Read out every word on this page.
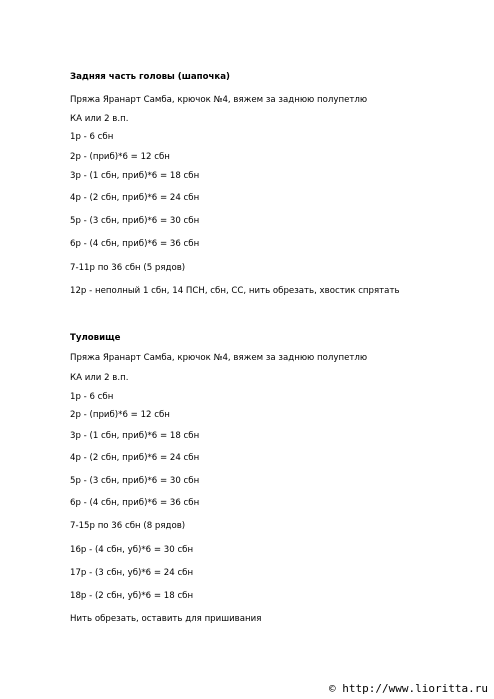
Задняя часть головы (шапочка)
Пряжа Яранарт Самба, крючок №4, вяжем за заднюю полупетлю
КА или 2 в.п.
1р - 6 сбн
2р - (приб)*6 = 12 сбн
3р - (1 сбн, приб)*6 = 18 сбн
4р - (2 сбн, приб)*6 = 24 сбн
5р - (3 сбн, приб)*6 = 30 сбн
6р - (4 сбн, приб)*6 = 36 сбн
7-11р по 36 сбн (5 рядов)
12р - неполный 1 сбн, 14 ПСН, сбн, СС, нить обрезать, хвостик спрятать
Туловище
Пряжа Яранарт Самба, крючок №4, вяжем за заднюю полупетлю
КА или 2 в.п.
1р - 6 сбн
2р - (приб)*6 = 12 сбн
3р - (1 сбн, приб)*6 = 18 сбн
4р - (2 сбн, приб)*6 = 24 сбн
5р - (3 сбн, приб)*6 = 30 сбн
6р - (4 сбн, приб)*6 = 36 сбн
7-15р по 36 сбн (8 рядов)
16р - (4 сбн, уб)*6 = 30 сбн
17р - (3 сбн, уб)*6 = 24 сбн
18р - (2 сбн, уб)*6 = 18 сбн
Нить обрезать, оставить для пришивания
© http://www.lioritta.ru
